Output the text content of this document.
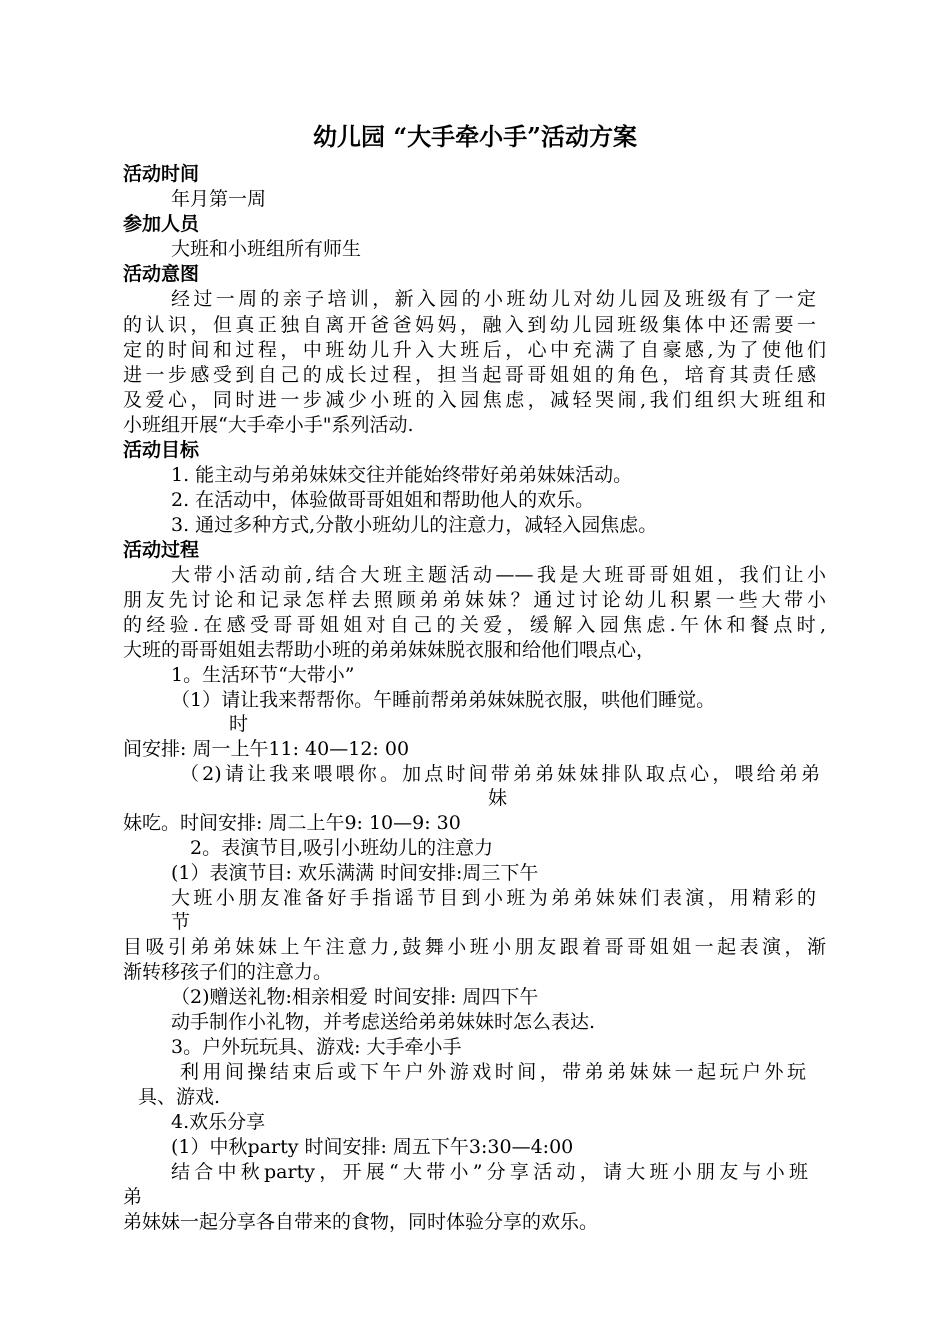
幼儿园 “大手牵小手”活动方案
活动时间
年月第一周
参加人员
大班和小班组所有师生
活动意图
经过一周的亲子培训，新入园的小班幼儿对幼儿园及班级有了一定
的认识，但真正独自离开爸爸妈妈，融入到幼儿园班级集体中还需要一
定的时间和过程，中班幼儿升入大班后，心中充满了自豪感,为了使他们
进一步感受到自己的成长过程，担当起哥哥姐姐的角色，培育其责任感
及爱心，同时进一步减少小班的入园焦虑，减轻哭闹,我们组织大班组和
小班组开展“大手牵小手"系列活动.
活动目标
1. 能主动与弟弟妹妹交往并能始终带好弟弟妹妹活动。
2. 在活动中，体验做哥哥姐姐和帮助他人的欢乐。
3. 通过多种方式,分散小班幼儿的注意力，减轻入园焦虑。
活动过程
大带小活动前,结合大班主题活动——我是大班哥哥姐姐，我们让小
朋友先讨论和记录怎样去照顾弟弟妹妹？通过讨论幼儿积累一些大带小
的经验.在感受哥哥姐姐对自己的关爱，缓解入园焦虑.午休和餐点时,
大班的哥哥姐姐去帮助小班的弟弟妹妹脱衣服和给他们喂点心，
1。生活环节“大带小”
（1）请让我来帮帮你。午睡前帮弟弟妹妹脱衣服，哄他们睡觉。
时
间安排: 周一上午11: 40—12: 00
（2)请让我来喂喂你。加点时间带弟弟妹妹排队取点心，喂给弟弟
妹
妹吃。时间安排: 周二上午9: 10—9: 30
2。表演节目,吸引小班幼儿的注意力
(1）表演节目: 欢乐满满 时间安排:周三下午
大班小朋友准备好手指谣节目到小班为弟弟妹妹们表演，用精彩的
节
目吸引弟弟妹妹上午注意力,鼓舞小班小朋友跟着哥哥姐姐一起表演，渐
渐转移孩子们的注意力。
（2)赠送礼物:相亲相爱 时间安排: 周四下午
动手制作小礼物，并考虑送给弟弟妹妹时怎么表达.
3。户外玩玩具、游戏: 大手牵小手
利用间操结束后或下午户外游戏时间，带弟弟妹妹一起玩户外玩
具、游戏.
4.欢乐分享
(1）中秋party 时间安排: 周五下午3:30—4:00
结合中秋party，开展“大带小”分享活动，请大班小朋友与小班
弟
弟妹妹一起分享各自带来的食物，同时体验分享的欢乐。
